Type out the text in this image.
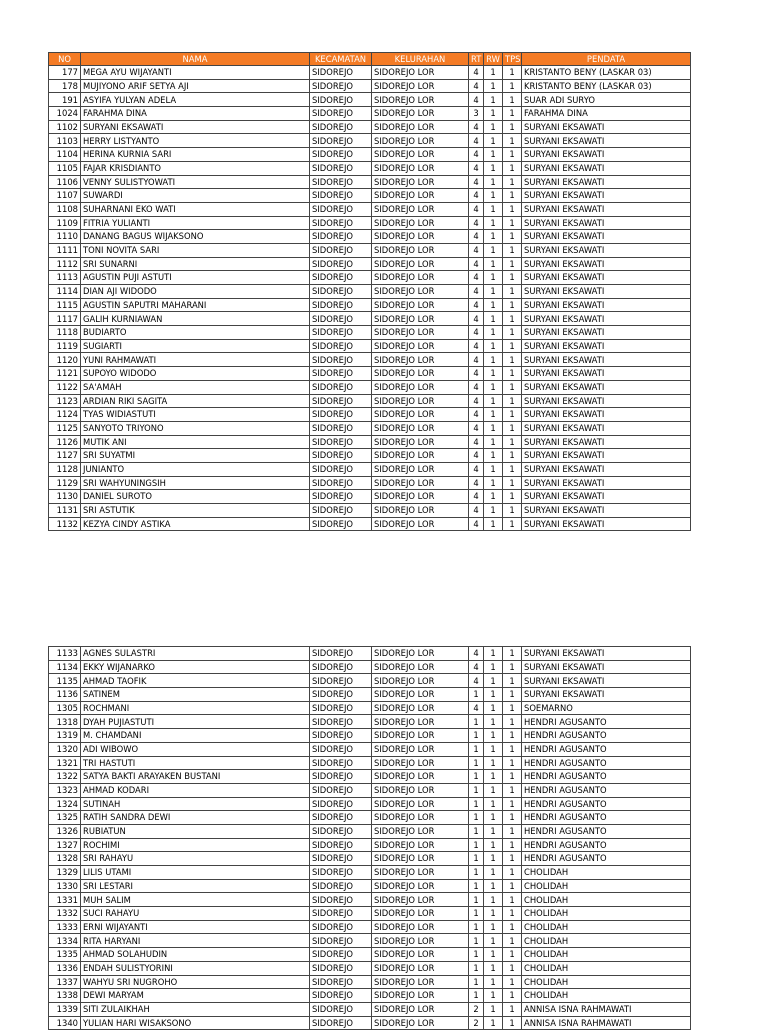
NO	NAMA	KECAMATAN	KELURAHAN	RT	RW	TPS	PENDATA
177	MEGA AYU WIJAYANTI	SIDOREJO	SIDOREJO LOR	4	1	1	KRISTANTO BENY (LASKAR 03)
178	MUJIYONO ARIF SETYA AJI	SIDOREJO	SIDOREJO LOR	4	1	1	KRISTANTO BENY (LASKAR 03)
191	ASYIFA YULYAN ADELA	SIDOREJO	SIDOREJO LOR	4	1	1	SUAR ADI SURYO
1024	FARAHMA DINA	SIDOREJO	SIDOREJO LOR	3	1	1	FARAHMA DINA
1102	SURYANI EKSAWATI	SIDOREJO	SIDOREJO LOR	4	1	1	SURYANI EKSAWATI
1103	HERRY LISTYANTO	SIDOREJO	SIDOREJO LOR	4	1	1	SURYANI EKSAWATI
1104	HERINA KURNIA SARI	SIDOREJO	SIDOREJO LOR	4	1	1	SURYANI EKSAWATI
1105	FAJAR KRISDIANTO	SIDOREJO	SIDOREJO LOR	4	1	1	SURYANI EKSAWATI
1106	VENNY SULISTYOWATI	SIDOREJO	SIDOREJO LOR	4	1	1	SURYANI EKSAWATI
1107	SUWARDI	SIDOREJO	SIDOREJO LOR	4	1	1	SURYANI EKSAWATI
1108	SUHARNANI EKO WATI	SIDOREJO	SIDOREJO LOR	4	1	1	SURYANI EKSAWATI
1109	FITRIA YULIANTI	SIDOREJO	SIDOREJO LOR	4	1	1	SURYANI EKSAWATI
1110	DANANG BAGUS WIJAKSONO	SIDOREJO	SIDOREJO LOR	4	1	1	SURYANI EKSAWATI
1111	TONI NOVITA SARI	SIDOREJO	SIDOREJO LOR	4	1	1	SURYANI EKSAWATI
1112	SRI SUNARNI	SIDOREJO	SIDOREJO LOR	4	1	1	SURYANI EKSAWATI
1113	AGUSTIN PUJI ASTUTI	SIDOREJO	SIDOREJO LOR	4	1	1	SURYANI EKSAWATI
1114	DIAN AJI WIDODO	SIDOREJO	SIDOREJO LOR	4	1	1	SURYANI EKSAWATI
1115	AGUSTIN SAPUTRI MAHARANI	SIDOREJO	SIDOREJO LOR	4	1	1	SURYANI EKSAWATI
1117	GALIH KURNIAWAN	SIDOREJO	SIDOREJO LOR	4	1	1	SURYANI EKSAWATI
1118	BUDIARTO	SIDOREJO	SIDOREJO LOR	4	1	1	SURYANI EKSAWATI
1119	SUGIARTI	SIDOREJO	SIDOREJO LOR	4	1	1	SURYANI EKSAWATI
1120	YUNI RAHMAWATI	SIDOREJO	SIDOREJO LOR	4	1	1	SURYANI EKSAWATI
1121	SUPOYO WIDODO	SIDOREJO	SIDOREJO LOR	4	1	1	SURYANI EKSAWATI
1122	SA'AMAH	SIDOREJO	SIDOREJO LOR	4	1	1	SURYANI EKSAWATI
1123	ARDIAN RIKI SAGITA	SIDOREJO	SIDOREJO LOR	4	1	1	SURYANI EKSAWATI
1124	TYAS WIDIASTUTI	SIDOREJO	SIDOREJO LOR	4	1	1	SURYANI EKSAWATI
1125	SANYOTO TRIYONO	SIDOREJO	SIDOREJO LOR	4	1	1	SURYANI EKSAWATI
1126	MUTIK ANI	SIDOREJO	SIDOREJO LOR	4	1	1	SURYANI EKSAWATI
1127	SRI SUYATMI	SIDOREJO	SIDOREJO LOR	4	1	1	SURYANI EKSAWATI
1128	JUNIANTO	SIDOREJO	SIDOREJO LOR	4	1	1	SURYANI EKSAWATI
1129	SRI WAHYUNINGSIH	SIDOREJO	SIDOREJO LOR	4	1	1	SURYANI EKSAWATI
1130	DANIEL SUROTO	SIDOREJO	SIDOREJO LOR	4	1	1	SURYANI EKSAWATI
1131	SRI ASTUTIK	SIDOREJO	SIDOREJO LOR	4	1	1	SURYANI EKSAWATI
1132	KEZYA CINDY ASTIKA	SIDOREJO	SIDOREJO LOR	4	1	1	SURYANI EKSAWATI
1133	AGNES SULASTRI	SIDOREJO	SIDOREJO LOR	4	1	1	SURYANI EKSAWATI
1134	EKKY WIJANARKO	SIDOREJO	SIDOREJO LOR	4	1	1	SURYANI EKSAWATI
1135	AHMAD TAOFIK	SIDOREJO	SIDOREJO LOR	4	1	1	SURYANI EKSAWATI
1136	SATINEM	SIDOREJO	SIDOREJO LOR	1	1	1	SURYANI EKSAWATI
1305	ROCHMANI	SIDOREJO	SIDOREJO LOR	4	1	1	SOEMARNO
1318	DYAH PUJIASTUTI	SIDOREJO	SIDOREJO LOR	1	1	1	HENDRI AGUSANTO
1319	M. CHAMDANI	SIDOREJO	SIDOREJO LOR	1	1	1	HENDRI AGUSANTO
1320	ADI WIBOWO	SIDOREJO	SIDOREJO LOR	1	1	1	HENDRI AGUSANTO
1321	TRI HASTUTI	SIDOREJO	SIDOREJO LOR	1	1	1	HENDRI AGUSANTO
1322	SATYA BAKTI ARAYAKEN BUSTANI	SIDOREJO	SIDOREJO LOR	1	1	1	HENDRI AGUSANTO
1323	AHMAD KODARI	SIDOREJO	SIDOREJO LOR	1	1	1	HENDRI AGUSANTO
1324	SUTINAH	SIDOREJO	SIDOREJO LOR	1	1	1	HENDRI AGUSANTO
1325	RATIH SANDRA DEWI	SIDOREJO	SIDOREJO LOR	1	1	1	HENDRI AGUSANTO
1326	RUBIATUN	SIDOREJO	SIDOREJO LOR	1	1	1	HENDRI AGUSANTO
1327	ROCHIMI	SIDOREJO	SIDOREJO LOR	1	1	1	HENDRI AGUSANTO
1328	SRI RAHAYU	SIDOREJO	SIDOREJO LOR	1	1	1	HENDRI AGUSANTO
1329	LILIS UTAMI	SIDOREJO	SIDOREJO LOR	1	1	1	CHOLIDAH
1330	SRI LESTARI	SIDOREJO	SIDOREJO LOR	1	1	1	CHOLIDAH
1331	MUH SALIM	SIDOREJO	SIDOREJO LOR	1	1	1	CHOLIDAH
1332	SUCI RAHAYU	SIDOREJO	SIDOREJO LOR	1	1	1	CHOLIDAH
1333	ERNI WIJAYANTI	SIDOREJO	SIDOREJO LOR	1	1	1	CHOLIDAH
1334	RITA HARYANI	SIDOREJO	SIDOREJO LOR	1	1	1	CHOLIDAH
1335	AHMAD SOLAHUDIN	SIDOREJO	SIDOREJO LOR	1	1	1	CHOLIDAH
1336	ENDAH SULISTYORINI	SIDOREJO	SIDOREJO LOR	1	1	1	CHOLIDAH
1337	WAHYU SRI NUGROHO	SIDOREJO	SIDOREJO LOR	1	1	1	CHOLIDAH
1338	DEWI MARYAM	SIDOREJO	SIDOREJO LOR	1	1	1	CHOLIDAH
1339	SITI ZULAIKHAH	SIDOREJO	SIDOREJO LOR	2	1	1	ANNISA ISNA RAHMAWATI
1340	YULIAN HARI WISAKSONO	SIDOREJO	SIDOREJO LOR	2	1	1	ANNISA ISNA RAHMAWATI
